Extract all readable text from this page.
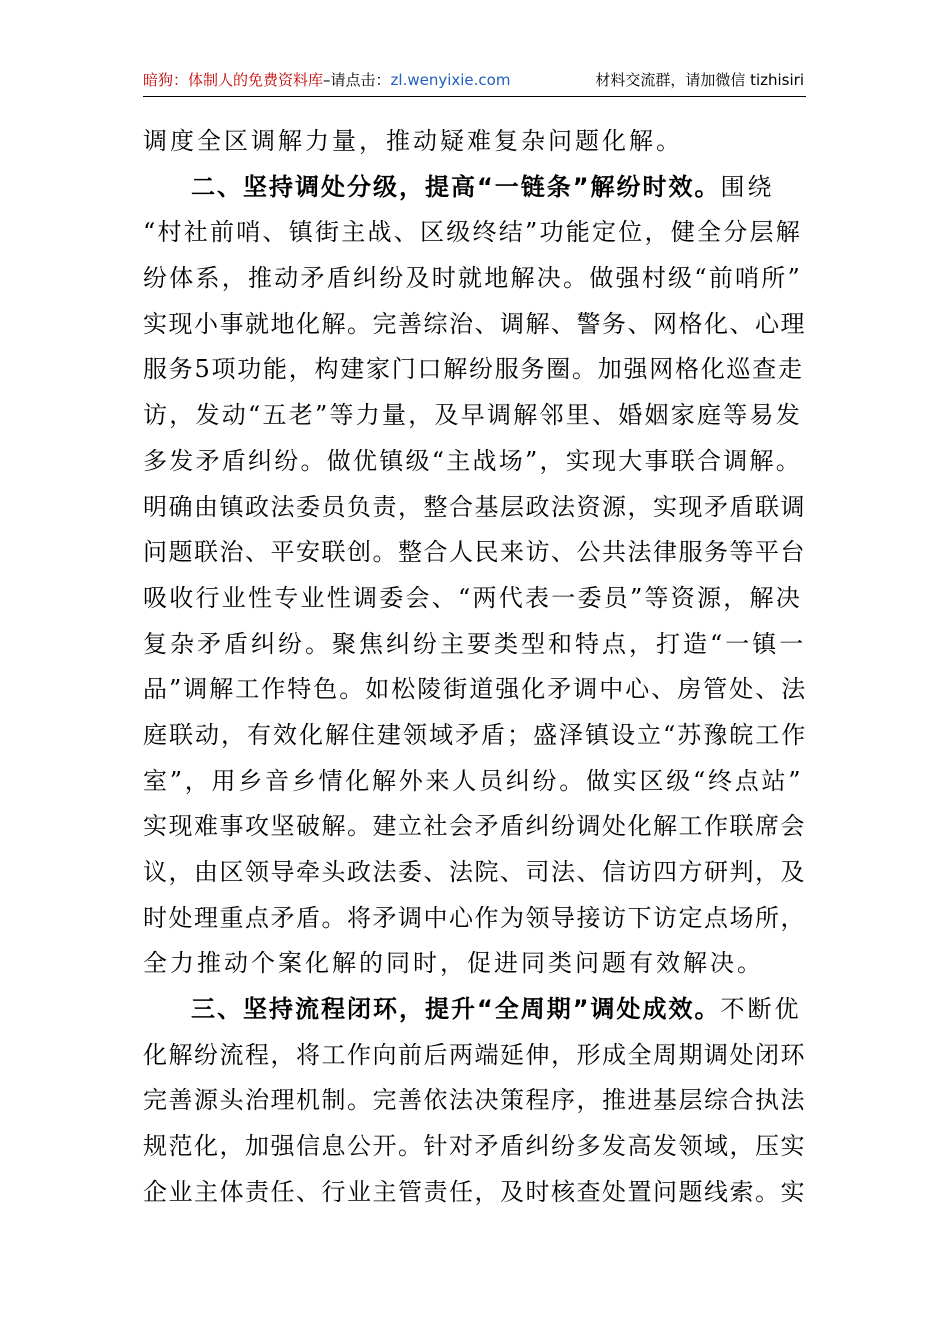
暗狗：体制人的免费资料库–请点击：zl.wenyixie.com	材料交流群，请加微信 tizhisiri
调度全区调解力量，推动疑难复杂问题化解。
二、坚持调处分级，提高“一链条”解纷时效。围绕
“村社前哨、镇街主战、区级终结”功能定位，健全分层解
纷体系，推动矛盾纠纷及时就地解决。做强村级“前哨所”
实现小事就地化解。完善综治、调解、警务、网格化、心理
服务5项功能，构建家门口解纷服务圈。加强网格化巡查走
访，发动“五老”等力量，及早调解邻里、婚姻家庭等易发
多发矛盾纠纷。做优镇级“主战场”，实现大事联合调解。
明确由镇政法委员负责，整合基层政法资源，实现矛盾联调
问题联治、平安联创。整合人民来访、公共法律服务等平台
吸收行业性专业性调委会、“两代表一委员”等资源，解决
复杂矛盾纠纷。聚焦纠纷主要类型和特点，打造“一镇一
品”调解工作特色。如松陵街道强化矛调中心、房管处、法
庭联动，有效化解住建领域矛盾；盛泽镇设立“苏豫皖工作
室”，用乡音乡情化解外来人员纠纷。做实区级“终点站”
实现难事攻坚破解。建立社会矛盾纠纷调处化解工作联席会
议，由区领导牵头政法委、法院、司法、信访四方研判，及
时处理重点矛盾。将矛调中心作为领导接访下访定点场所，
全力推动个案化解的同时，促进同类问题有效解决。
三、坚持流程闭环，提升“全周期”调处成效。不断优
化解纷流程，将工作向前后两端延伸，形成全周期调处闭环
完善源头治理机制。完善依法决策程序，推进基层综合执法
规范化，加强信息公开。针对矛盾纠纷多发高发领域，压实
企业主体责任、行业主管责任，及时核查处置问题线索。实
